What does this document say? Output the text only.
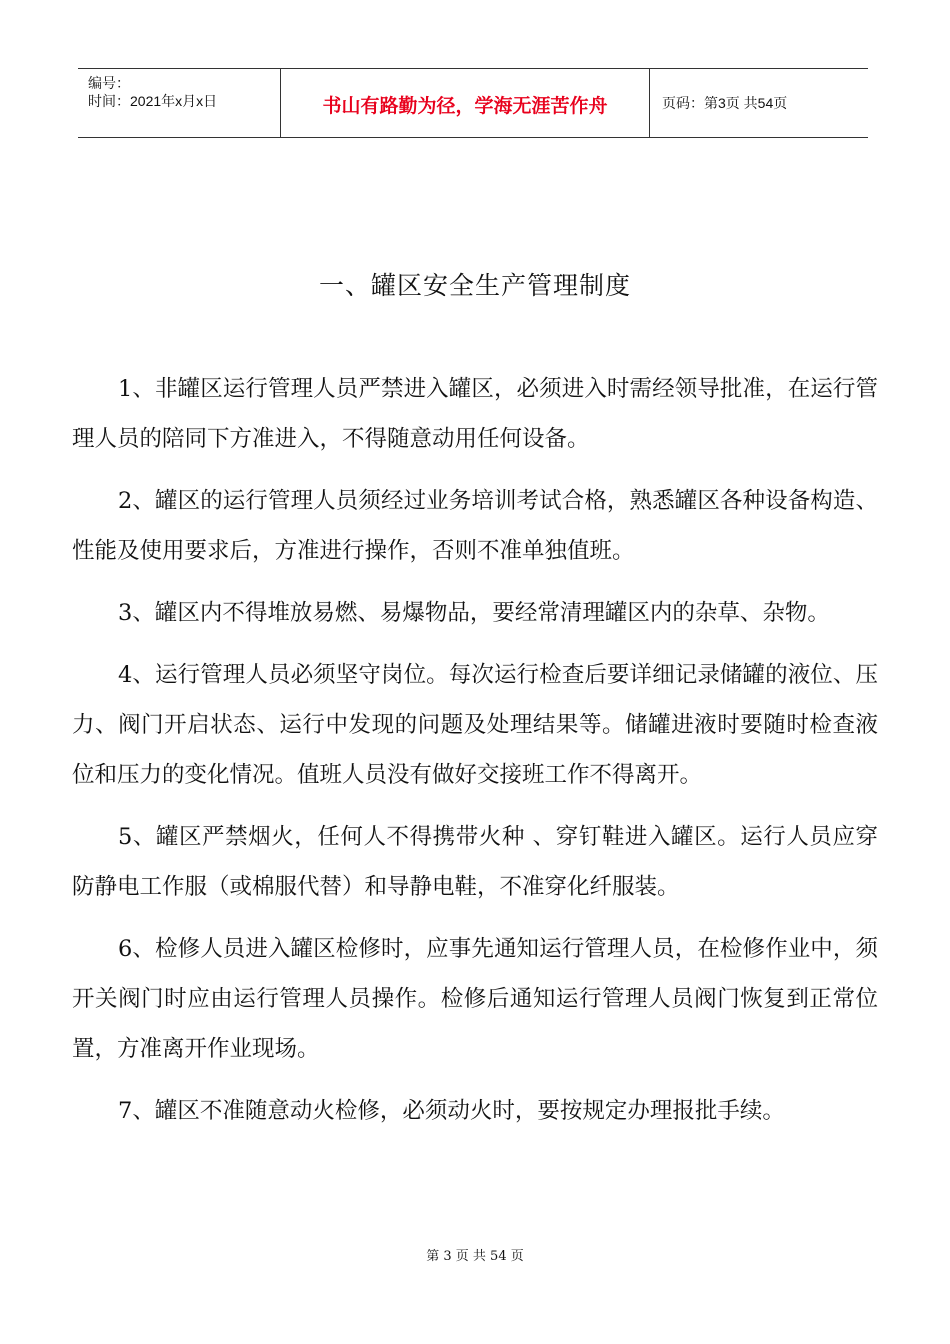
编号：
时间：2021年x月x日	书山有路勤为径，学海无涯苦作舟	页码：第3页 共54页
一、罐区安全生产管理制度

1、非罐区运行管理人员严禁进入罐区，必须进入时需经领导批准，在运行管理人员的陪同下方准进入，不得随意动用任何设备。

2、罐区的运行管理人员须经过业务培训考试合格，熟悉罐区各种设备构造、性能及使用要求后，方准进行操作，否则不准单独值班。

3、罐区内不得堆放易燃、易爆物品，要经常清理罐区内的杂草、杂物。

4、运行管理人员必须坚守岗位。每次运行检查后要详细记录储罐的液位、压力、阀门开启状态、运行中发现的问题及处理结果等。储罐进液时要随时检查液位和压力的变化情况。值班人员没有做好交接班工作不得离开。

5、罐区严禁烟火，任何人不得携带火种 、穿钉鞋进入罐区。运行人员应穿防静电工作服（或棉服代替）和导静电鞋，不准穿化纤服装。

6、检修人员进入罐区检修时，应事先通知运行管理人员，在检修作业中，须开关阀门时应由运行管理人员操作。检修后通知运行管理人员阀门恢复到正常位置，方准离开作业现场。

7、罐区不准随意动火检修，必须动火时，要按规定办理报批手续。

第 3 页 共 54 页
